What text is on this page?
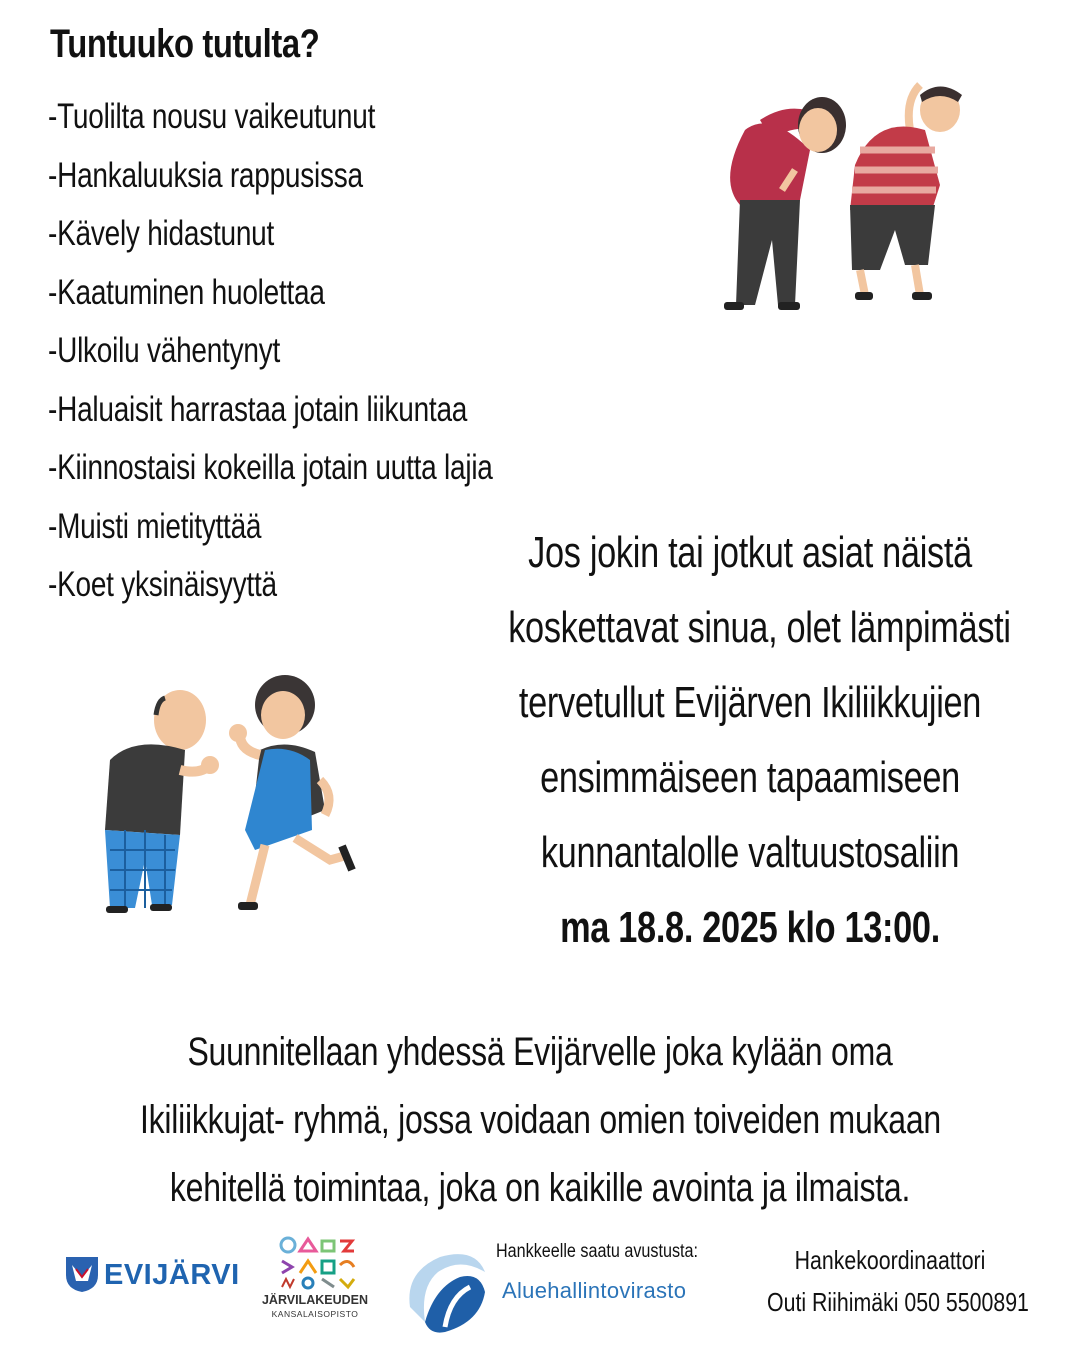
Tuntuuko tutulta?
-Tuolilta nousu vaikeutunut
-Hankaluuksia rappusissa
-Kävely hidastunut
-Kaatuminen huolettaa
-Ulkoilu vähentynyt
-Haluaisit harrastaa jotain liikuntaa
-Kiinnostaisi kokeilla jotain uutta lajia
-Muisti mietityttää
-Koet yksinäisyyttä

Jos jokin tai jotkut asiat näistä

koskettavat sinua, olet lämpimästi

tervetullut Evijärven Ikiliikkujien

ensimmäiseen tapaamiseen

kunnantalolle valtuustosaliin

ma 18.8. 2025 klo 13:00.

Suunnitellaan yhdessä Evijärvelle joka kylään oma

Ikiliikkujat- ryhmä, jossa voidaan omien toiveiden mukaan

kehitellä toimintaa, joka on kaikille avointa ja ilmaista.

EVIJÄRVI
JÄRVILAKEUDEN
KANSALAISOPISTO
Hankkeelle saatu avustusta:
Aluehallintovirasto

Hankekoordinaattori

Outi Riihimäki 050 5500891
